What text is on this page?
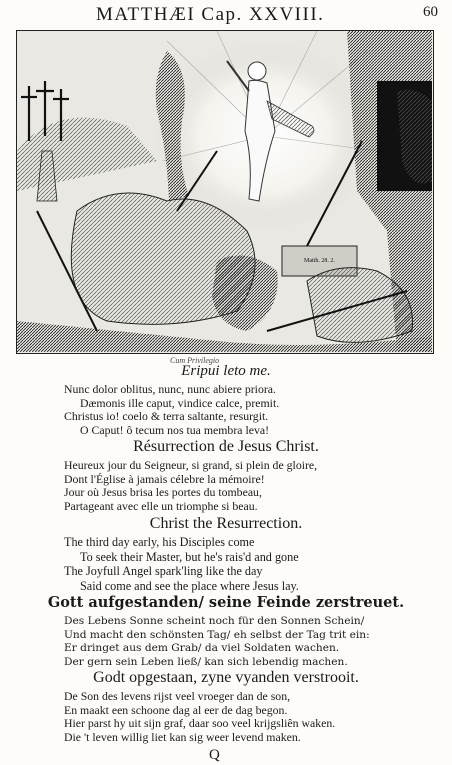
MATTHÆI Cap. XXVIII.	60
Matth. 28. 2.
Cum Privilegio
Eripui leto me.
Nunc dolor oblitus, nunc, nunc abiere priora.
Dæmonis ille caput, vindice calce, premit.
Christus io! coelo & terra saltante, resurgit.
O Caput! ô tecum nos tua membra leva!
Résurrection de Jesus Christ.
Heureux jour du Seigneur, si grand, si plein de gloire,
Dont l'Église à jamais célebre la mémoire!
Jour où Jesus brisa les portes du tombeau,
Partageant avec elle un triomphe si beau.
Christ the Resurrection.
The third day early, his Disciples come
To seek their Master, but he's rais'd and gone
The Joyfull Angel spark'ling like the day
Said come and see the place where Jesus lay.
Gott aufgestanden/ seine Feinde zerstreuet.
Des Lebens Sonne scheint noch für den Sonnen Schein/
Und macht den schönsten Tag/ eh selbst der Tag trit ein:
Er dringet aus dem Grab/ da viel Soldaten wachen.
Der gern sein Leben ließ/ kan sich lebendig machen.
Godt opgestaan, zyne vyanden verstrooit.
De Son des levens rijst veel vroeger dan de son,
En maakt een schoone dag al eer de dag begon.
Hier parst hy uit sijn graf, daar soo veel krijgsliên waken.
Die 't leven willig liet kan sig weer levend maken.
Q
